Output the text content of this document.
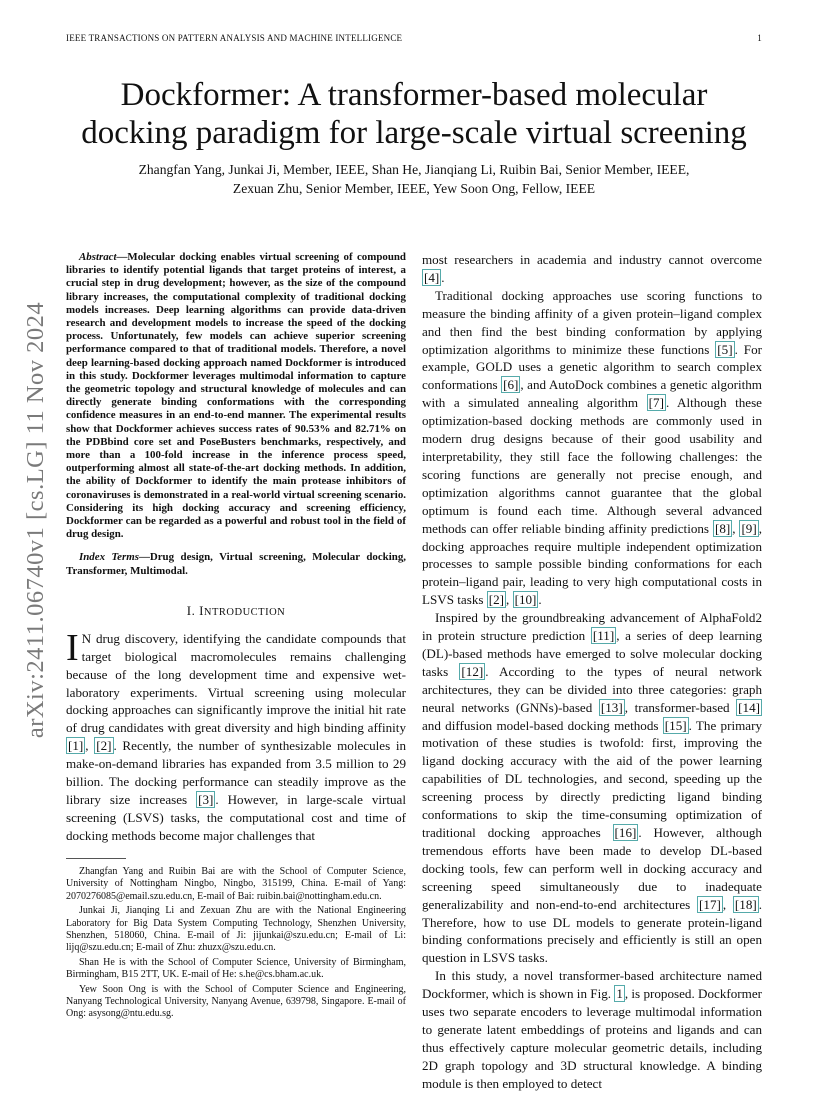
IEEE TRANSACTIONS ON PATTERN ANALYSIS AND MACHINE INTELLIGENCE	1
arXiv:2411.06740v1 [cs.LG] 11 Nov 2024
Dockformer: A transformer-based molecular docking paradigm for large-scale virtual screening
Zhangfan Yang, Junkai Ji, Member, IEEE, Shan He, Jianqiang Li, Ruibin Bai, Senior Member, IEEE,
Zexuan Zhu, Senior Member, IEEE, Yew Soon Ong, Fellow, IEEE

Abstract—Molecular docking enables virtual screening of compound libraries to identify potential ligands that target proteins of interest, a crucial step in drug development; however, as the size of the compound library increases, the computational complexity of traditional docking models increases. Deep learning algorithms can provide data-driven research and development models to increase the speed of the docking process. Unfortunately, few models can achieve superior screening performance compared to that of traditional models. Therefore, a novel deep learning-based docking approach named Dockformer is introduced in this study. Dockformer leverages multimodal information to capture the geometric topology and structural knowledge of molecules and can directly generate binding conformations with the corresponding confidence measures in an end-to-end manner. The experimental results show that Dockformer achieves success rates of 90.53% and 82.71% on the PDBbind core set and PoseBusters benchmarks, respectively, and more than a 100-fold increase in the inference process speed, outperforming almost all state-of-the-art docking methods. In addition, the ability of Dockformer to identify the main protease inhibitors of coronaviruses is demonstrated in a real-world virtual screening scenario. Considering its high docking accuracy and screening efficiency, Dockformer can be regarded as a powerful and robust tool in the field of drug design.

Index Terms—Drug design, Virtual screening, Molecular docking, Transformer, Multimodal.

I. INTRODUCTION

I N drug discovery, identifying the candidate compounds that target biological macromolecules remains challenging because of the long development time and expensive wet-laboratory experiments. Virtual screening using molecular docking approaches can significantly improve the initial hit rate of drug candidates with great diversity and high binding affinity [1] , [2] . Recently, the number of synthesizable molecules in make-on-demand libraries has expanded from 3.5 million to 29 billion. The docking performance can steadily improve as the library size increases [3] . However, in large-scale virtual screening (LSVS) tasks, the computational cost and time of docking methods become major challenges that

Zhangfan Yang and Ruibin Bai are with the School of Computer Science, University of Nottingham Ningbo, Ningbo, 315199, China. E-mail of Yang: 2070276085@email.szu.edu.cn, E-mail of Bai: ruibin.bai@nottingham.edu.cn.

Junkai Ji, Jianqing Li and Zexuan Zhu are with the National Engineering Laboratory for Big Data System Computing Technology, Shenzhen University, Shenzhen, 518060, China. E-mail of Ji: jijunkai@szu.edu.cn; E-mail of Li: lijq@szu.edu.cn; E-mail of Zhu: zhuzx@szu.edu.cn.

Shan He is with the School of Computer Science, University of Birmingham, Birmingham, B15 2TT, UK. E-mail of He: s.he@cs.bham.ac.uk.

Yew Soon Ong is with the School of Computer Science and Engineering, Nanyang Technological University, Nanyang Avenue, 639798, Singapore. E-mail of Ong: asysong@ntu.edu.sg.

most researchers in academia and industry cannot overcome [4] .

Traditional docking approaches use scoring functions to measure the binding affinity of a given protein–ligand complex and then find the best binding conformation by applying optimization algorithms to minimize these functions [5] . For example, GOLD uses a genetic algorithm to search complex conformations [6] , and AutoDock combines a genetic algorithm with a simulated annealing algorithm [7] . Although these optimization-based docking methods are commonly used in modern drug designs because of their good usability and interpretability, they still face the following challenges: the scoring functions are generally not precise enough, and optimization algorithms cannot guarantee that the global optimum is found each time. Although several advanced methods can offer reliable binding affinity predictions [8] , [9] , docking approaches require multiple independent optimization processes to sample possible binding conformations for each protein–ligand pair, leading to very high computational costs in LSVS tasks [2] , [10] .

Inspired by the groundbreaking advancement of AlphaFold2 in protein structure prediction [11] , a series of deep learning (DL)-based methods have emerged to solve molecular docking tasks [12] . According to the types of neural network architectures, they can be divided into three categories: graph neural networks (GNNs)-based [13] , transformer-based [14] and diffusion model-based docking methods [15] . The primary motivation of these studies is twofold: first, improving the ligand docking accuracy with the aid of the power learning capabilities of DL technologies, and second, speeding up the screening process by directly predicting ligand binding conformations to skip the time-consuming optimization of traditional docking approaches [16] . However, although tremendous efforts have been made to develop DL-based docking tools, few can perform well in docking accuracy and screening speed simultaneously due to inadequate generalizability and non-end-to-end architectures [17] , [18] . Therefore, how to use DL models to generate protein-ligand binding conformations precisely and efficiently is still an open question in LSVS tasks.

In this study, a novel transformer-based architecture named Dockformer, which is shown in Fig. 1 , is proposed. Dockformer uses two separate encoders to leverage multimodal information to generate latent embeddings of proteins and ligands and can thus effectively capture molecular geometric details, including 2D graph topology and 3D structural knowledge. A binding module is then employed to detect
